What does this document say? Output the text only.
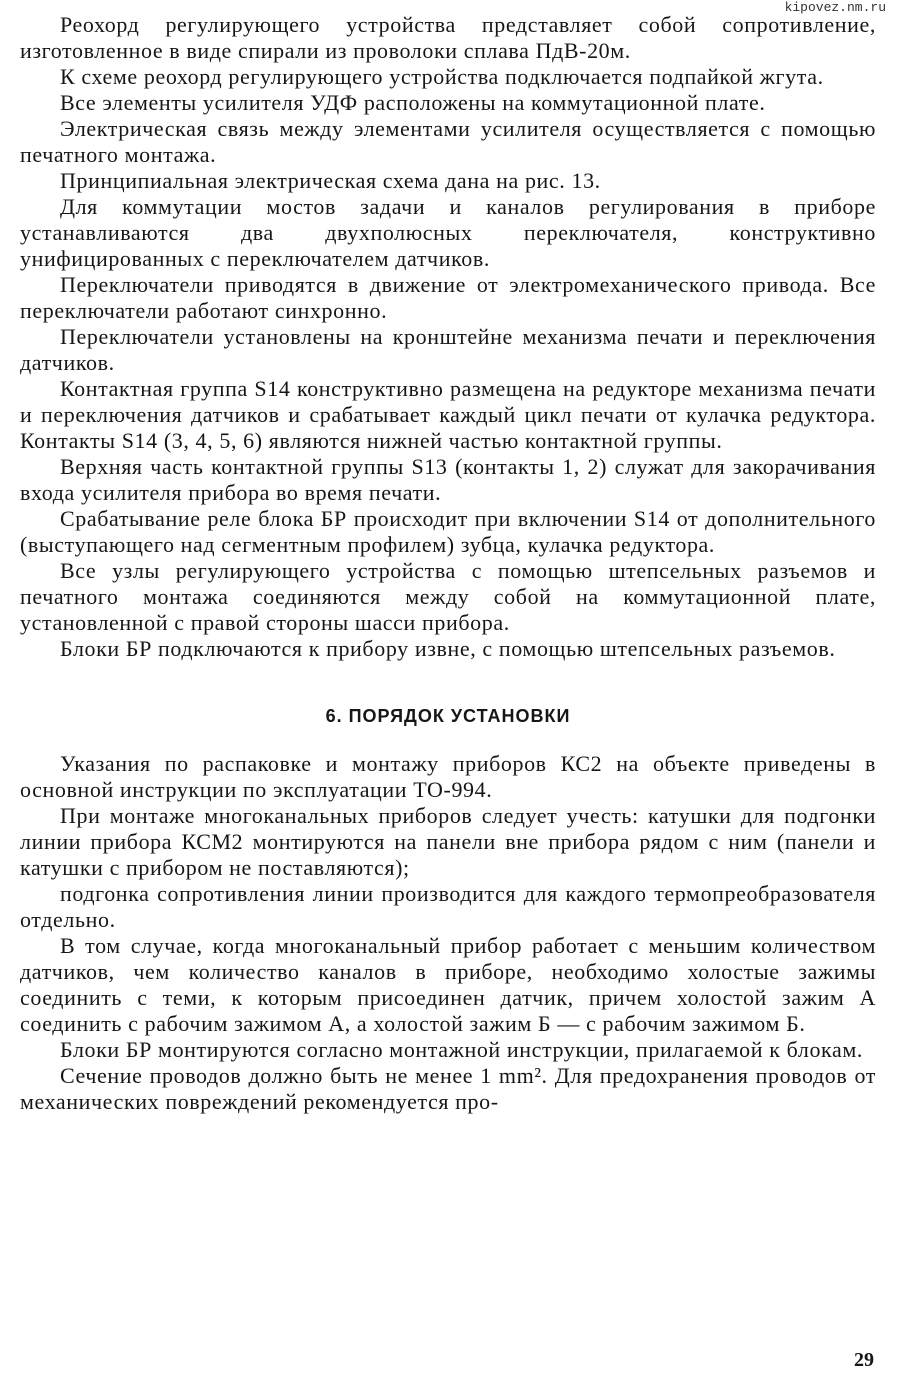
kipovez.nm.ru

Реохорд регулирующего устройства представляет собой сопротивление, изготовленное в виде спирали из проволоки сплава ПдВ-20м.

К схеме реохорд регулирующего устройства подключается подпайкой жгута.

Все элементы усилителя УДФ расположены на коммутационной плате.

Электрическая связь между элементами усилителя осуществляется с помощью печатного монтажа.

Принципиальная электрическая схема дана на рис. 13.

Для коммутации мостов задачи и каналов регулирования в приборе устанавливаются два двухполюсных переключателя, конструктивно унифицированных с переключателем датчиков.

Переключатели приводятся в движение от электромеханического привода. Все переключатели работают синхронно.

Переключатели установлены на кронштейне механизма печати и переключения датчиков.

Контактная группа S14 конструктивно размещена на редукторе механизма печати и переключения датчиков и срабатывает каждый цикл печати от кулачка редуктора. Контакты S14 (3, 4, 5, 6) являются нижней частью контактной группы.

Верхняя часть контактной группы S13 (контакты 1, 2) служат для закорачивания входа усилителя прибора во время печати.

Срабатывание реле блока БР происходит при включении S14 от дополнительного (выступающего над сегментным профилем) зубца, кулачка редуктора.

Все узлы регулирующего устройства с помощью штепсельных разъемов и печатного монтажа соединяются между собой на коммутационной плате, установленной с правой стороны шасси прибора.

Блоки БР подключаются к прибору извне, с помощью штепсельных разъемов.

6. ПОРЯДОК УСТАНОВКИ

Указания по распаковке и монтажу приборов КС2 на объекте приведены в основной инструкции по эксплуатации ТО-994.

При монтаже многоканальных приборов следует учесть: катушки для подгонки линии прибора КСМ2 монтируются на панели вне прибора рядом с ним (панели и катушки с прибором не поставляются);

подгонка сопротивления линии производится для каждого термопреобразователя отдельно.

В том случае, когда многоканальный прибор работает с меньшим количеством датчиков, чем количество каналов в приборе, необходимо холостые зажимы соединить с теми, к которым присоединен датчик, причем холостой зажим А соединить с рабочим зажимом А, а холостой зажим Б — с рабочим зажимом Б.

Блоки БР монтируются согласно монтажной инструкции, прилагаемой к блокам.

Сечение проводов должно быть не менее 1 mm². Для предохранения проводов от механических повреждений рекомендуется про-

29
